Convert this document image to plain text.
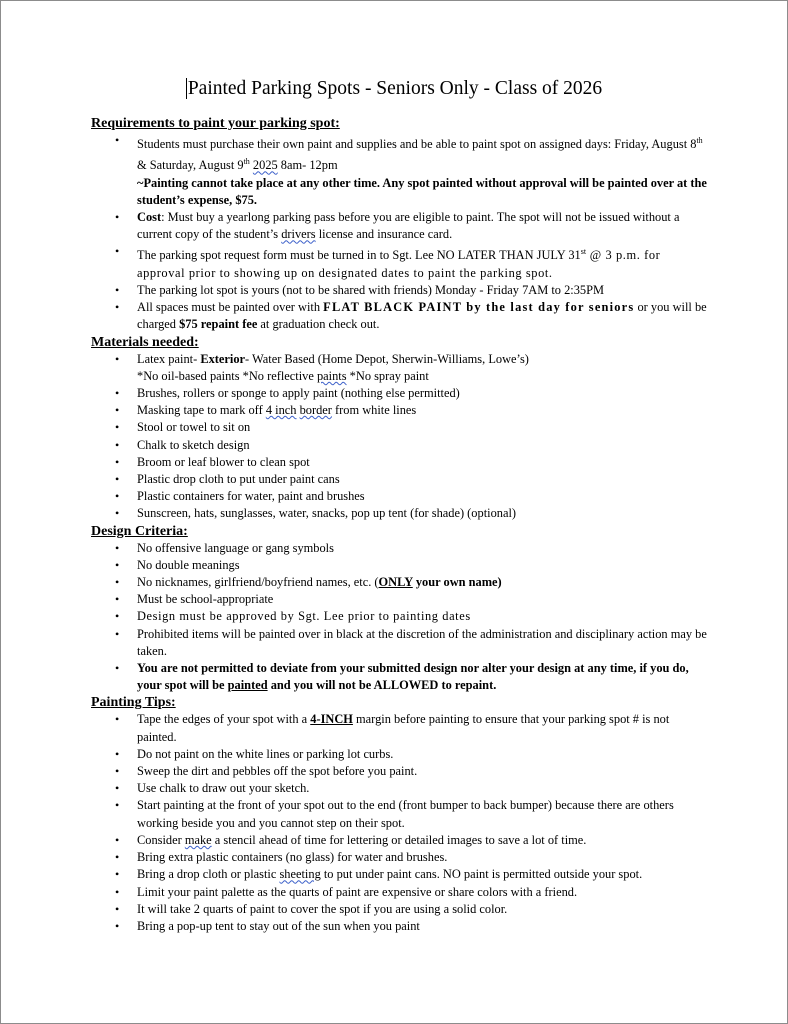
Painted Parking Spots - Seniors Only - Class of 2026
Requirements to paint your parking spot:
• Students must purchase their own paint and supplies and be able to paint spot on assigned days: Friday, August 8th & Saturday, August 9th 2025 8am- 12pm
~Painting cannot take place at any other time. Any spot painted without approval will be painted over at the student’s expense, $75.
• Cost: Must buy a yearlong parking pass before you are eligible to paint. The spot will not be issued without a current copy of the student’s drivers license and insurance card.
• The parking spot request form must be turned in to Sgt. Lee NO LATER THAN JULY 31st @ 3 p.m. for approval prior to showing up on designated dates to paint the parking spot.
• The parking lot spot is yours (not to be shared with friends) Monday - Friday 7AM to 2:35PM
• All spaces must be painted over with FLAT BLACK PAINT by the last day for seniors or you will be charged $75 repaint fee at graduation check out.
Materials needed:
• Latex paint- Exterior- Water Based (Home Depot, Sherwin-Williams, Lowe’s)
*No oil-based paints *No reflective paints *No spray paint
• Brushes, rollers or sponge to apply paint (nothing else permitted)
• Masking tape to mark off 4 inch border from white lines
• Stool or towel to sit on
• Chalk to sketch design
• Broom or leaf blower to clean spot
• Plastic drop cloth to put under paint cans
• Plastic containers for water, paint and brushes
• Sunscreen, hats, sunglasses, water, snacks, pop up tent (for shade) (optional)
Design Criteria:
• No offensive language or gang symbols
• No double meanings
• No nicknames, girlfriend/boyfriend names, etc. (ONLY your own name)
• Must be school-appropriate
• Design must be approved by Sgt. Lee prior to painting dates
• Prohibited items will be painted over in black at the discretion of the administration and disciplinary action may be taken.
• You are not permitted to deviate from your submitted design nor alter your design at any time, if you do, your spot will be painted and you will not be ALLOWED to repaint.
Painting Tips:
• Tape the edges of your spot with a 4-INCH margin before painting to ensure that your parking spot # is not painted.
• Do not paint on the white lines or parking lot curbs.
• Sweep the dirt and pebbles off the spot before you paint.
• Use chalk to draw out your sketch.
• Start painting at the front of your spot out to the end (front bumper to back bumper) because there are others working beside you and you cannot step on their spot.
• Consider make a stencil ahead of time for lettering or detailed images to save a lot of time.
• Bring extra plastic containers (no glass) for water and brushes.
• Bring a drop cloth or plastic sheeting to put under paint cans. NO paint is permitted outside your spot.
• Limit your paint palette as the quarts of paint are expensive or share colors with a friend.
• It will take 2 quarts of paint to cover the spot if you are using a solid color.
• Bring a pop-up tent to stay out of the sun when you paint
